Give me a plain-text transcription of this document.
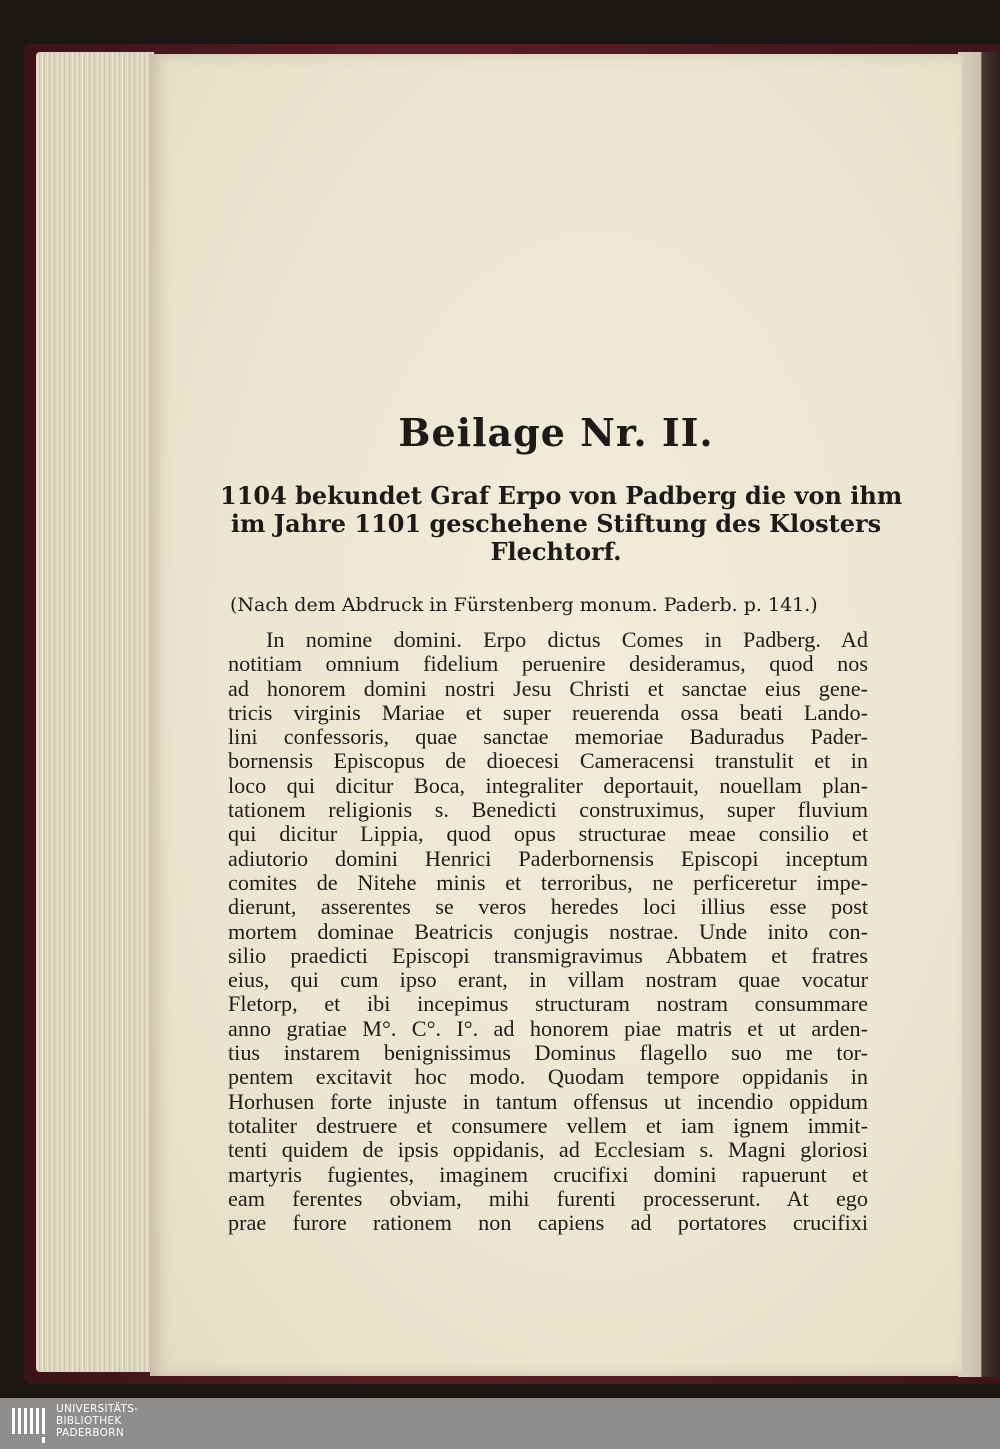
Beilage Nr. II.
1104 bekundet Graf Erpo von Padberg die von ihm
im Jahre 1101 geschehene Stiftung des Klosters
Flechtorf.
(Nach dem Abdruck in Fürstenberg monum. Paderb. p. 141.)
In nomine domini. Erpo dictus Comes in Padberg. Ad
notitiam omnium fidelium peruenire desideramus, quod nos
ad honorem domini nostri Jesu Christi et sanctae eius gene-
tricis virginis Mariae et super reuerenda ossa beati Lando-
lini confessoris, quae sanctae memoriae Baduradus Pader-
bornensis Episcopus de dioecesi Cameracensi transtulit et in
loco qui dicitur Boca, integraliter deportauit, nouellam plan-
tationem religionis s. Benedicti construximus, super fluvium
qui dicitur Lippia, quod opus structurae meae consilio et
adiutorio domini Henrici Paderbornensis Episcopi inceptum
comites de Nitehe minis et terroribus, ne perficeretur impe-
dierunt, asserentes se veros heredes loci illius esse post
mortem dominae Beatricis conjugis nostrae. Unde inito con-
silio praedicti Episcopi transmigravimus Abbatem et fratres
eius, qui cum ipso erant, in villam nostram quae vocatur
Fletorp, et ibi incepimus structuram nostram consummare
anno gratiae M°. C°. I°. ad honorem piae matris et ut arden-
tius instarem benignissimus Dominus flagello suo me tor-
pentem excitavit hoc modo. Quodam tempore oppidanis in
Horhusen forte injuste in tantum offensus ut incendio oppidum
totaliter destruere et consumere vellem et iam ignem immit-
tenti quidem de ipsis oppidanis, ad Ecclesiam s. Magni gloriosi
martyris fugientes, imaginem crucifixi domini rapuerunt et
eam ferentes obviam, mihi furenti processerunt. At ego
prae furore rationem non capiens ad portatores crucifixi
UNIVERSITÄTS-
BIBLIOTHEK
PADERBORN
